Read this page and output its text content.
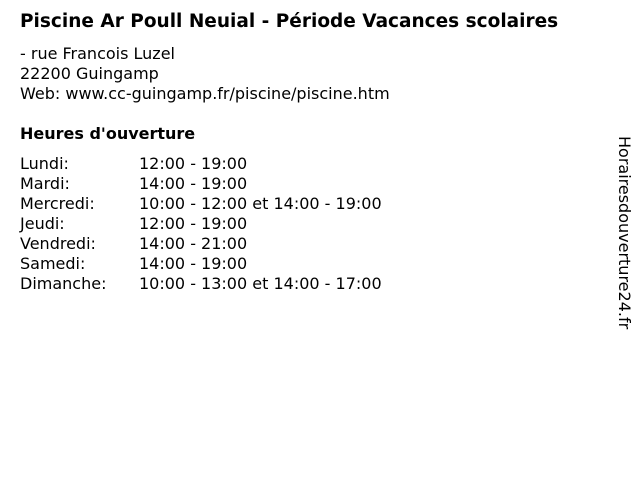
Piscine Ar Poull Neuial - Période Vacances scolaires
- rue Francois Luzel
22200 Guingamp
Web: www.cc-guingamp.fr/piscine/piscine.htm
Heures d'ouverture
Lundi:	12:00 - 19:00
Mardi:	14:00 - 19:00
Mercredi:	10:00 - 12:00 et 14:00 - 19:00
Jeudi:	12:00 - 19:00
Vendredi:	14:00 - 21:00
Samedi:	14:00 - 19:00
Dimanche:	10:00 - 13:00 et 14:00 - 17:00	Horairesdouverture24.fr
